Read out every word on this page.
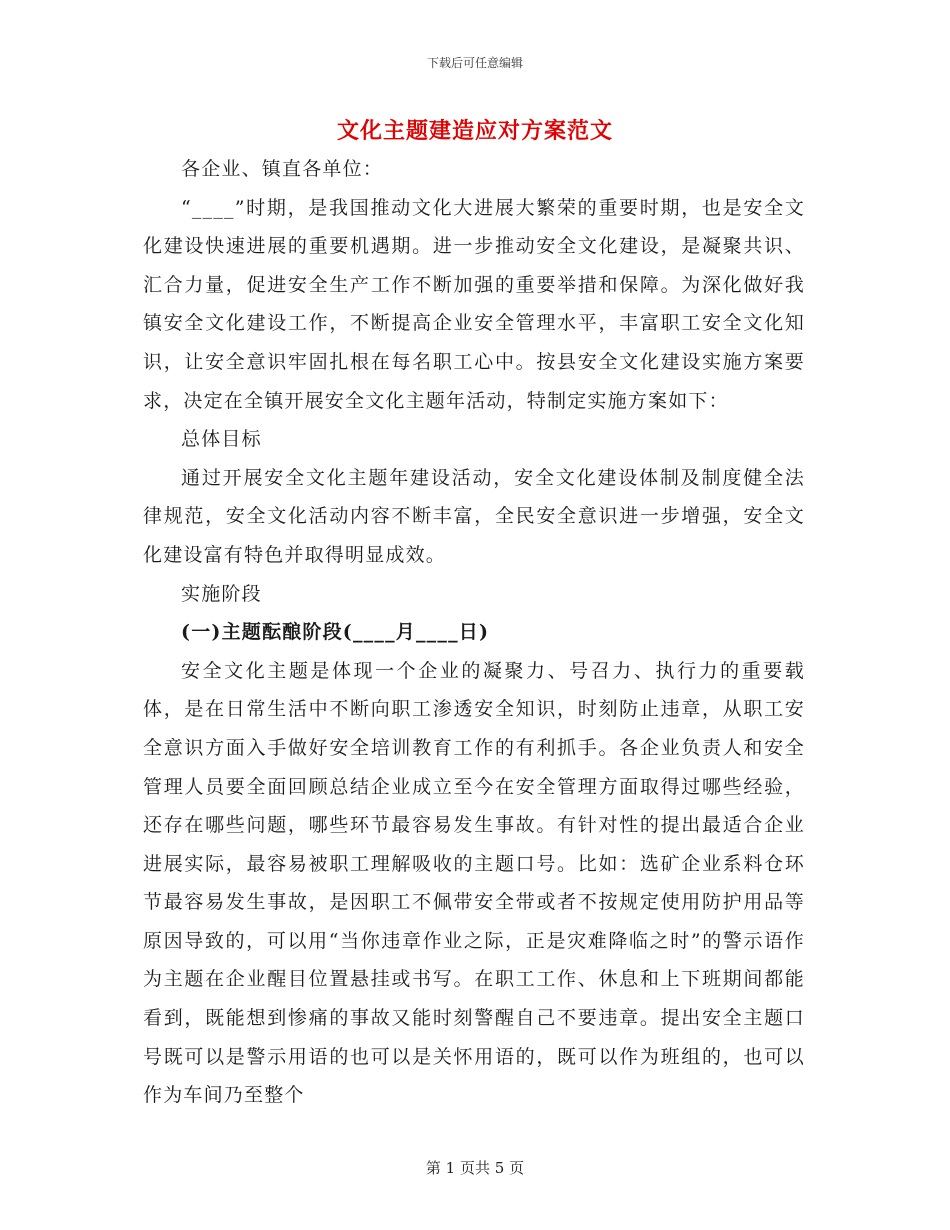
下载后可任意编辑
文化主题建造应对方案范文

各企业、镇直各单位：

“____”时期，是我国推动文化大进展大繁荣的重要时期，也是安全文化建设快速进展的重要机遇期。进一步推动安全文化建设，是凝聚共识、汇合力量，促进安全生产工作不断加强的重要举措和保障。为深化做好我镇安全文化建设工作，不断提高企业安全管理水平，丰富职工安全文化知识，让安全意识牢固扎根在每名职工心中。按县安全文化建设实施方案要求，决定在全镇开展安全文化主题年活动，特制定实施方案如下：

总体目标

通过开展安全文化主题年建设活动，安全文化建设体制及制度健全法律规范，安全文化活动内容不断丰富，全民安全意识进一步增强，安全文化建设富有特色并取得明显成效。

实施阶段

(一)主题酝酿阶段(____月____日)

安全文化主题是体现一个企业的凝聚力、号召力、执行力的重要载体，是在日常生活中不断向职工渗透安全知识，时刻防止违章，从职工安全意识方面入手做好安全培训教育工作的有利抓手。各企业负责人和安全管理人员要全面回顾总结企业成立至今在安全管理方面取得过哪些经验，还存在哪些问题，哪些环节最容易发生事故。有针对性的提出最适合企业进展实际，最容易被职工理解吸收的主题口号。比如：选矿企业系料仓环节最容易发生事故，是因职工不佩带安全带或者不按规定使用防护用品等原因导致的，可以用“当你违章作业之际，正是灾难降临之时”的警示语作为主题在企业醒目位置悬挂或书写。在职工工作、休息和上下班期间都能看到，既能想到惨痛的事故又能时刻警醒自己不要违章。提出安全主题口号既可以是警示用语的也可以是关怀用语的，既可以作为班组的，也可以作为车间乃至整个

第 1 页共 5 页
